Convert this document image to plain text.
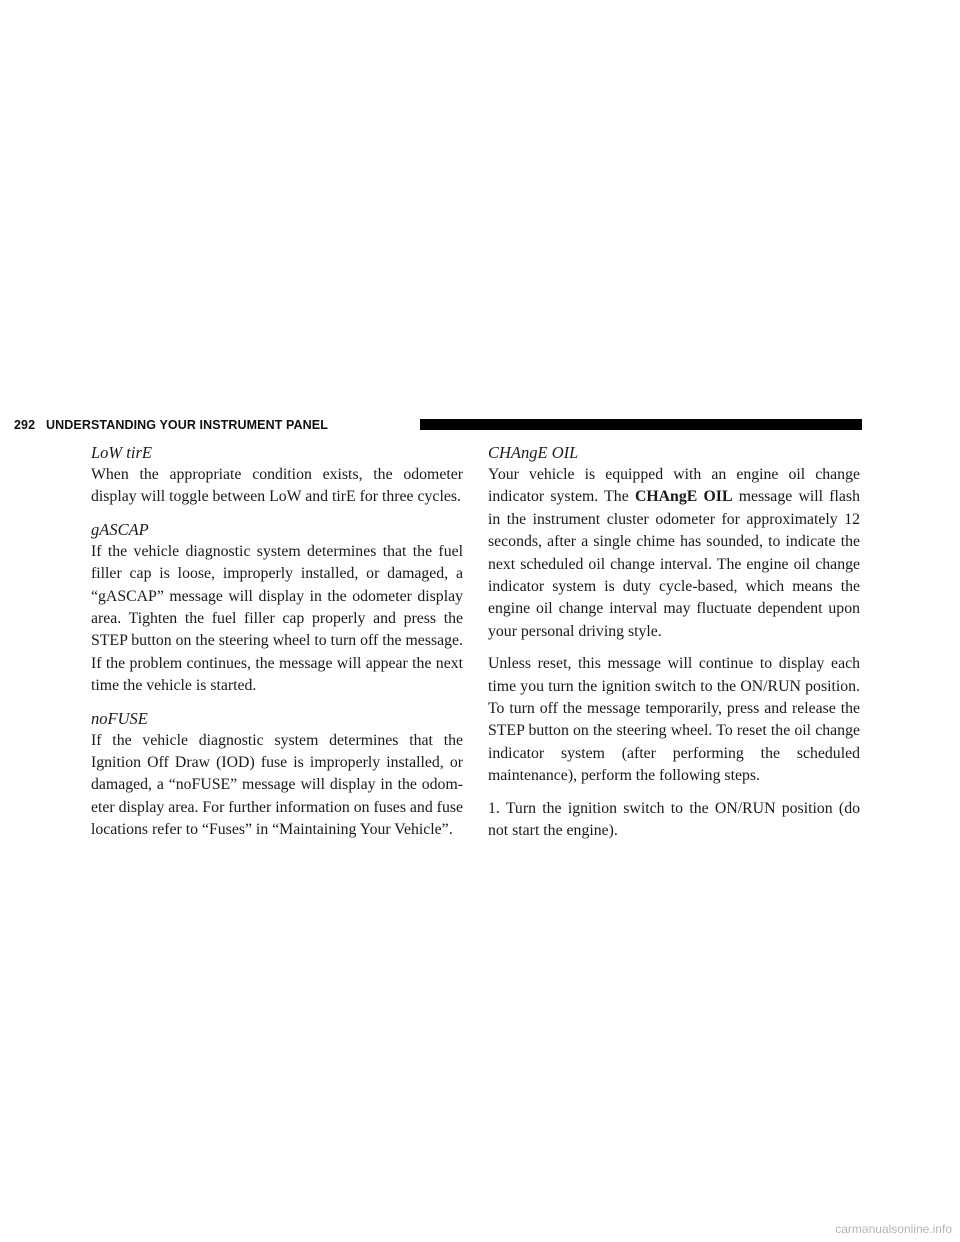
292 UNDERSTANDING YOUR INSTRUMENT PANEL
LoW tirE

When the appropriate condition exists, the odometer display will toggle between LoW and tirE for three cycles.

gASCAP

If the vehicle diagnostic system determines that the fuel filler cap is loose, improperly installed, or damaged, a “gASCAP” message will display in the odometer display area. Tighten the fuel filler cap properly and press the STEP button on the steering wheel to turn off the message. If the problem continues, the message will appear the next time the vehicle is started.

noFUSE

If the vehicle diagnostic system determines that the Ignition Off Draw (IOD) fuse is improperly installed, or damaged, a “noFUSE” message will display in the odom-eter display area. For further information on fuses and fuse locations refer to “Fuses” in “Maintaining Your Vehicle”.

CHAngE OIL

Your vehicle is equipped with an engine oil change indicator system. The CHAngE OIL message will flash in the instrument cluster odometer for approximately 12 seconds, after a single chime has sounded, to indicate the next scheduled oil change interval. The engine oil change indicator system is duty cycle-based, which means the engine oil change interval may fluctuate dependent upon your personal driving style.

Unless reset, this message will continue to display each time you turn the ignition switch to the ON/RUN position. To turn off the message temporarily, press and release the STEP button on the steering wheel. To reset the oil change indicator system (after performing the scheduled maintenance), perform the following steps.

1. Turn the ignition switch to the ON/RUN position (do not start the engine).

carmanualsonline.info
